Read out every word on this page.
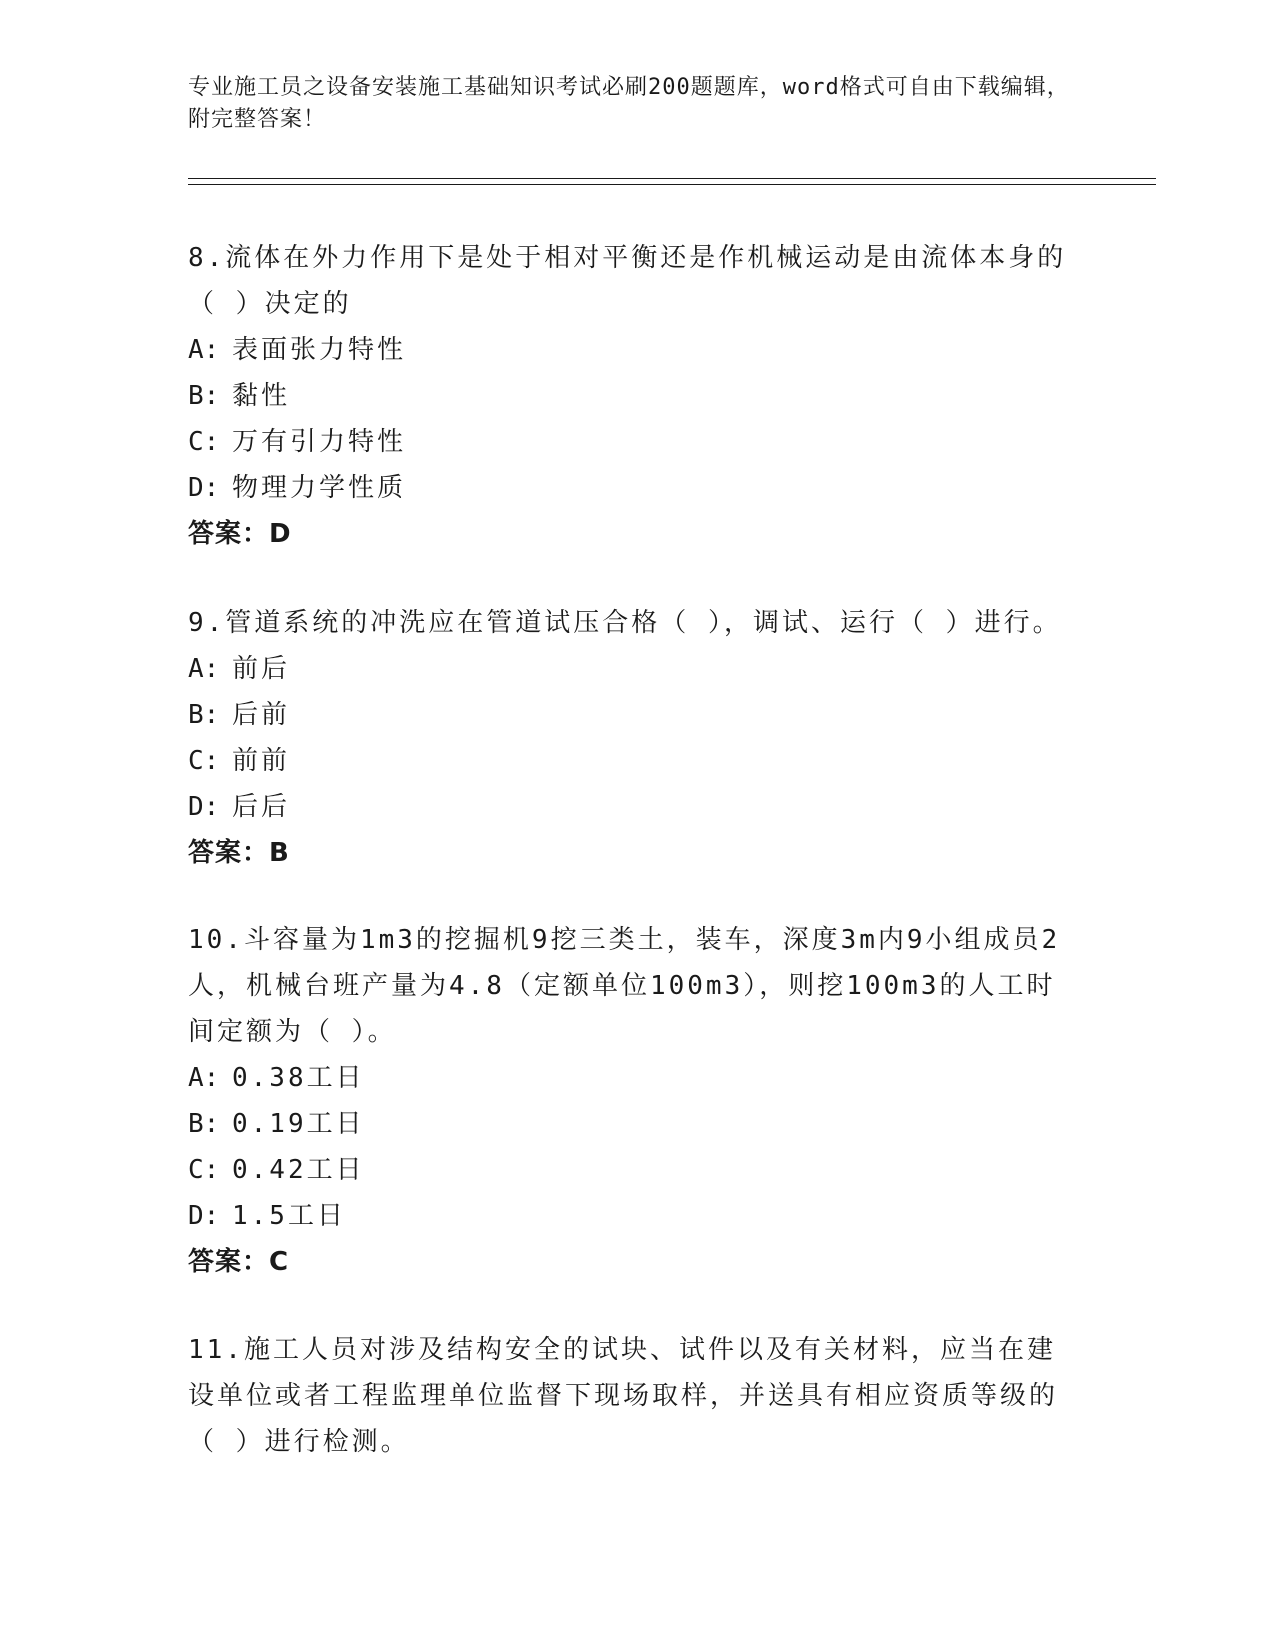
专业施工员之设备安装施工基础知识考试必刷200题题库，word格式可自由下载编辑，附完整答案！

8.流体在外力作用下是处于相对平衡还是作机械运动是由流体本身的（ ）决定的

A: 表面张力特性

B: 黏性

C: 万有引力特性

D: 物理力学性质

答案：D

9.管道系统的冲洗应在管道试压合格（ ），调试、运行（ ）进行。

A: 前后

B: 后前

C: 前前

D: 后后

答案：B

10.斗容量为1m3的挖掘机9挖三类土，装车，深度3m内9小组成员2人，机械台班产量为4.8（定额单位100m3），则挖100m3的人工时间定额为（ ）。

A: 0.38工日

B: 0.19工日

C: 0.42工日

D: 1.5工日

答案：C

11.施工人员对涉及结构安全的试块、试件以及有关材料，应当在建设单位或者工程监理单位监督下现场取样，并送具有相应资质等级的（ ）进行检测。
